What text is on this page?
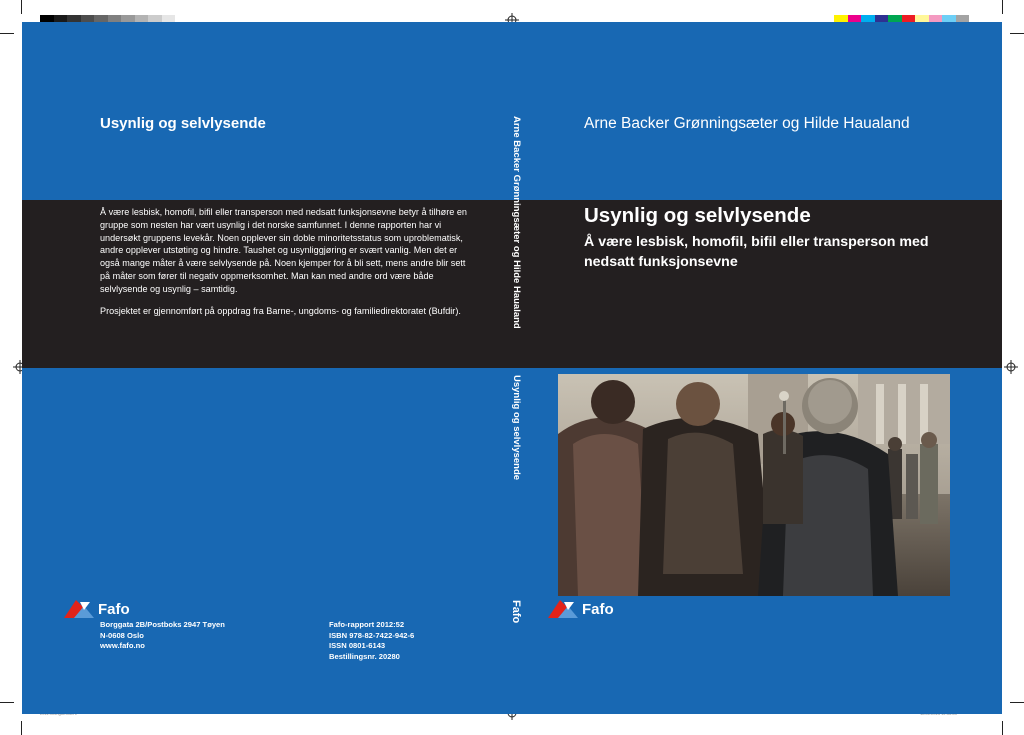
Usynlig og selvlysende

Å være lesbisk, homofil, bifil eller transperson med nedsatt funksjonsevne betyr å tilhøre en gruppe som nesten har vært usynlig i det norske samfunnet. I denne rapporten har vi undersøkt gruppens levekår. Noen opplever sin doble minoritetsstatus som uproblematisk, andre opplever utstøting og hindre. Taushet og usynliggjøring er svært vanlig. Men det er også mange måter å være selvlysende på. Noen kjemper for å bli sett, mens andre blir sett på måter som fører til negativ oppmerksomhet. Man kan med andre ord være både selvlysende og usynlig – samtidig.

Prosjektet er gjennomført på oppdrag fra Barne-, ungdoms- og familiedirektoratet (Bufdir).

Fafo
Borggata 2B/Postboks 2947 Tøyen
N-0608 Oslo
www.fafo.no
Fafo-rapport 2012:52
ISBN 978-82-7422-942-6
ISSN 0801-6143
Bestillingsnr. 20280
Arne Backer Grønningsæter og Hilde Haualand
Usynlig og selvlysende
Fafo
Arne Backer Grønningsæter og Hilde Haualand
Usynlig og selvlysende
Å være lesbisk, homofil, bifil eller transperson med nedsatt funksjonsevne
Fafo
